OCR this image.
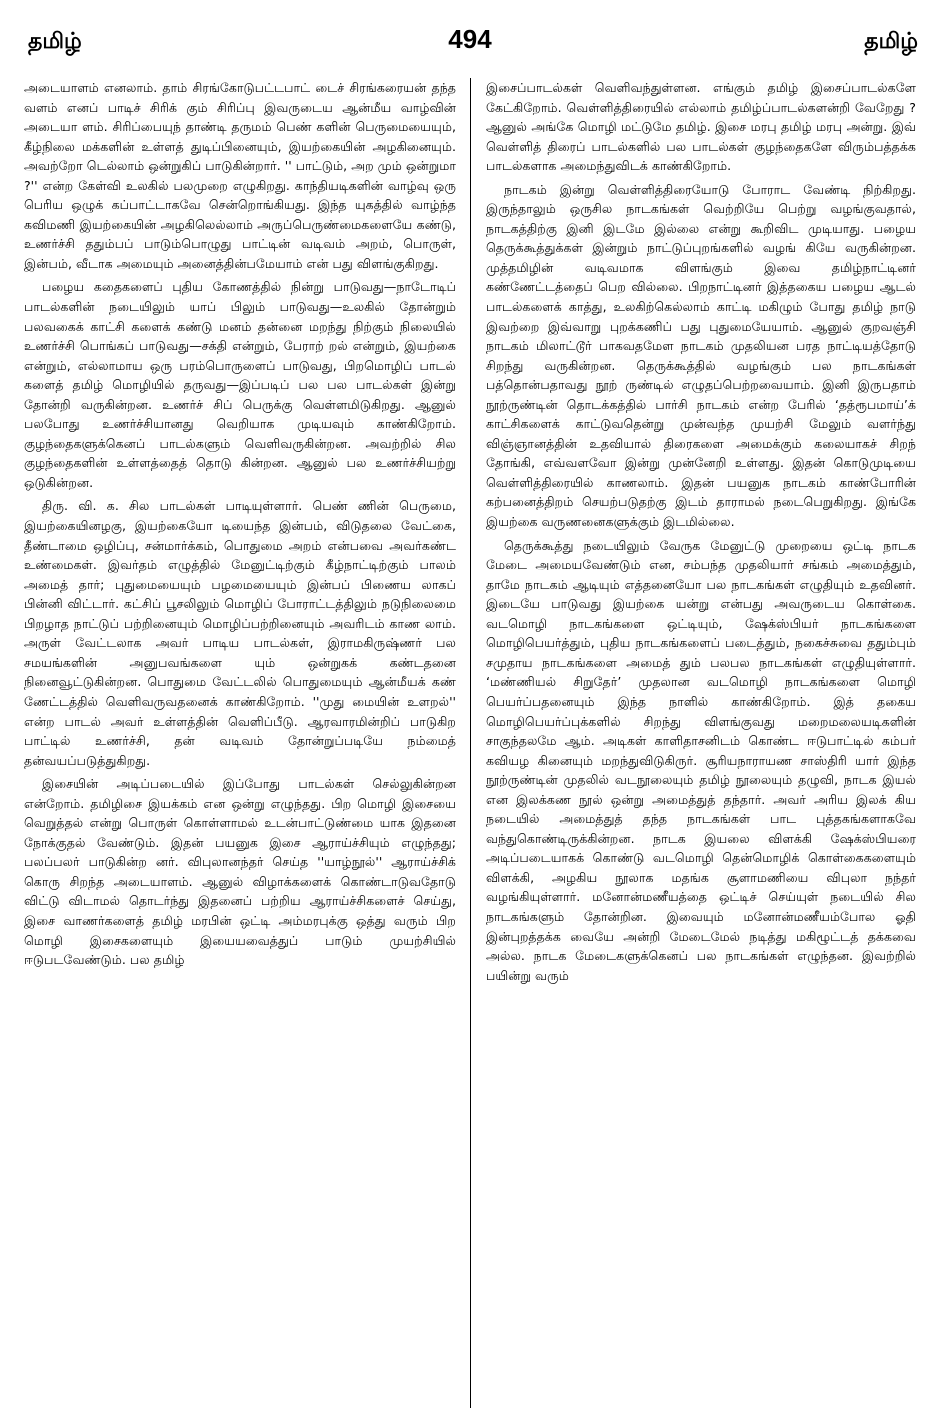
தமிழ்	494	தமிழ்

அடையாளம் எனலாம். தாம் சிரங்கோடுபட்டபாட் டைச் சிரங்கரையன் தந்த வளம் எனப் பாடிச் சிரிக் கும் சிரிப்பு இவருடைய ஆன்மீய வாழ்வின் அடையா ளம். சிரிப்பையுந் தாண்டி தருமம் பெண் களின் பெருமையையும், கீழ்நிலை மக்களின் உள்ளத் துடிப்பினையும், இயற்கையின் அழகினையும். அவற்றோ டெல்லாம் ஒன்றுகிப் பாடுகின்றார். '' பாட்டும், அற மும் ஒன்றுமா ?'' என்ற கேள்வி உலகில் பலமுறை எழுகிறது. காந்தியடிகளின் வாழ்வு ஒரு பெரிய ஒழுக் கப்பாட்டாகவே சென்றொங்கியது. இந்த யுகத்தில் வாழ்ந்த கவிமணி இயற்கையின் அழகிலெல்லாம் அருப்பெருண்மைகளையே கண்டு, உணர்ச்சி ததும்பப் பாடும்பொழுது பாட்டின் வடிவம் அறம், பொருள், இன்பம், வீடாக அமையும் அனைத்தின்பமேயாம் என் பது விளங்குகிறது.

பழைய கதைகளைப் புதிய கோணத்தில் நின்று பாடுவது—நாடோடிப் பாடல்களின் நடையிலும் யாப் பிலும் பாடுவது—உலகில் தோன்றும் பலவகைக் காட்சி களைக் கண்டு மனம் தன்னை மறந்து நிற்கும் நிலையில் உணர்ச்சி பொங்கப் பாடுவது—சக்தி என்றும், பேராற் றல் என்றும், இயற்கை என்றும், எல்லாமாய ஒரு பரம்பொருளைப் பாடுவது, பிறமொழிப் பாடல் களைத் தமிழ் மொழியில் தருவது—இப்படிப் பல பல பாடல்கள் இன்று தோன்றி வருகின்றன. உணர்ச் சிப் பெருக்கு வெள்ளமிடுகிறது. ஆனுல் பலபோது உணர்ச்சியானது வெறியாக முடியவும் காண்கிறோம். குழந்தைகளுக்கெனப் பாடல்களும் வெளிவருகின்றன. அவற்றில் சில குழந்தைகளின் உள்ளத்தைத் தொடு கின்றன. ஆனுல் பல உணர்ச்சியற்று ஒடுகின்றன.

திரு. வி. க. சில பாடல்கள் பாடியுள்ளார். பெண் ணின் பெருமை, இயற்கையினழகு, இயற்கையோ டியைந்த இன்பம், விடுதலை வேட்கை, தீண்டாமை ஒழிப்பு, சன்மார்க்கம், பொதுமை அறம் என்பவை அவர்கண்ட உண்மைகள். இவர்தம் எழுத்தில் மேனுட்டிற்கும் கீழ்நாட்டிற்கும் பாலம் அமைத் தார்; புதுமையையும் பழமையையும் இன்பப் பிணைய லாகப் பின்னி விட்டார். கட்சிப் பூசலிலும் மொழிப் போராட்டத்திலும் நடுநிலைமை பிறழாத நாட்டுப் பற்றினையும் மொழிப்பற்றினையும் அவரிடம் காண லாம். அருள் வேட்டலாக அவர் பாடிய பாடல்கள், இராமகிருஷ்ணர் பல சமயங்களின் அனுபவங்களை யும் ஒன்றுகக் கண்டதனை நினைவூட்டுகின்றன. பொதுமை வேட்டலில் பொதுமையும் ஆன்மீயக் கண் ணேட்டத்தில் வெளிவருவதனைக் காண்கிறோம். ''முது மையின் உளறல்'' என்ற பாடல் அவர் உள்ளத்தின் வெளிப்பீடு. ஆரவாரமின்றிப் பாடுகிற பாட்டில் உணர்ச்சி, தன் வடிவம் தோன்றுப்படியே நம்மைத் தன்வயப்படுத்துகிறது.

இசையின் அடிப்படையில் இப்போது பாடல்கள் செல்லுகின்றன என்றோம். தமிழிசை இயக்கம் என ஒன்று எழுந்தது. பிற மொழி இசையை வெறுத்தல் என்று பொருள் கொள்ளாமல் உடன்பாட்டுண்மை யாக இதனை நோக்குதல் வேண்டும். இதன் பயனுக இசை ஆராய்ச்சியும் எழுந்தது; பலப்பலர் பாடுகின்ற னர். விபுலானந்தர் செய்த ''யாழ்நூல்'' ஆராய்ச்சிக் கொரு சிறந்த அடையாளம். ஆனுல் விழாக்களைக் கொண்டாடுவதோடு விட்டு விடாமல் தொடர்ந்து இதனைப் பற்றிய ஆராய்ச்சிகளைச் செய்து, இசை வாணர்களைத் தமிழ் மரபின் ஒட்டி அம்மரபுக்கு ஒத்து வரும் பிற மொழி இசைகளையும் இயையவைத்துப் பாடும் முயற்சியில் ஈடுபடவேண்டும். பல தமிழ்

இசைப்பாடல்கள் வெளிவந்துள்ளன. எங்கும் தமிழ் இசைப்பாடல்களே கேட்கிறோம். வெள்ளித்திரையில் எல்லாம் தமிழ்ப்பாடல்களன்றி வேறேது ? ஆனுல் அங்கே மொழி மட்டுமே தமிழ். இசை மரபு தமிழ் மரபு அன்று. இவ் வெள்ளித் திரைப் பாடல்களில் பல பாடல்கள் குழந்தைகளே விரும்பத்தக்க பாடல்களாக அமைந்துவிடக் காண்கிறோம்.

நாடகம் இன்று வெள்ளித்திரையோடு போராட வேண்டி நிற்கிறது. இருந்தாலும் ஒருசில நாடகங்கள் வெற்றியே பெற்று வழங்குவதால், நாடகத்திற்கு இனி இடமே இல்லை என்று கூறிவிட முடியாது. பழைய தெருக்கூத்துக்கள் இன்றும் நாட்டுப்புறங்களில் வழங் கியே வருகின்றன. முத்தமிழின் வடிவமாக விளங்கும் இவை தமிழ்நாட்டினர் கண்ணேட்டத்தைப் பெற வில்லை. பிறநாட்டினர் இத்தகைய பழைய ஆடல் பாடல்களைக் காத்து, உலகிற்கெல்லாம் காட்டி மகிழும் போது தமிழ் நாடு இவற்றை இவ்வாறு புறக்கணிப் பது புதுமையேயாம். ஆனுல் குறவஞ்சி நாடகம் மிலாட்டூர் பாகவதமேள நாடகம் முதலியன பரத நாட்டியத்தோடு சிறந்து வருகின்றன. தெருக்கூத்தில் வழங்கும் பல நாடகங்கள் பத்தொன்பதாவது நூற் ருண்டில் எழுதப்பெற்றவையாம். இனி இருபதாம் நூற்ருண்டின் தொடக்கத்தில் பார்சி நாடகம் என்ற பேரில் ‘தத்ரூபமாய்’க் காட்சிகளைக் காட்டுவதென்று முன்வந்த முயற்சி மேலும் வளர்ந்து விஞ்ஞானத்தின் உதவியால் திரைகளை அமைக்கும் கலையாகச் சிறந் தோங்கி, எவ்வளவோ இன்று முன்னேறி உள்ளது. இதன் கொடுமுடியை வெள்ளித்திரையில் காணலாம். இதன் பயனுக நாடகம் காண்போரின் கற்பனைத்திறம் செயற்படுதற்கு இடம் தாராமல் நடைபெறுகிறது. இங்கே இயற்கை வருணனைகளுக்கும் இடமில்லை.

தெருக்கூத்து நடையிலும் வேருக மேனுட்டு முறையை ஒட்டி நாடக மேடை அமையவேண்டும் என, சம்பந்த முதலியார் சங்கம் அமைத்தும், தாமே நாடகம் ஆடியும் எத்தனையோ பல நாடகங்கள் எழுதியும் உதவினர். இடையே பாடுவது இயற்கை யன்று என்பது அவருடைய கொள்கை. வடமொழி நாடகங்களை ஒட்டியும், ஷேக்ஸ்பியர் நாடகங்களை மொழிபெயர்த்தும், புதிய நாடகங்களைப் படைத்தும், நகைச்சுவை ததும்பும் சமுதாய நாடகங்களை அமைத் தும் பலபல நாடகங்கள் எழுதியுள்ளார். ‘மண்ணியல் சிறுதேர்’ முதலான வடமொழி நாடகங்களை மொழி பெயர்ப்பதனையும் இந்த நாளில் காண்கிறோம். இத் தகைய மொழிபெயர்ப்புக்களில் சிறந்து விளங்குவது மறைமலையடிகளின் சாகுந்தலமே ஆம். அடிகள் காளிதாசனிடம் கொண்ட ஈடுபாட்டில் கம்பர் கவியழ கினையும் மறந்துவிடுகிருர். சூரியநாராயண சாஸ்திரி யார் இந்த நூற்ருண்டின் முதலில் வடநூலையும் தமிழ் நூலையும் தழுவி, நாடக இயல் என இலக்கண நூல் ஒன்று அமைத்துத் தந்தார். அவர் அரிய இலக் கிய நடையில் அமைத்துத் தந்த நாடகங்கள் பாட புத்தகங்களாகவே வந்துகொண்டிருக்கின்றன. நாடக இயலை விளக்கி ஷேக்ஸ்பியரை அடிப்படையாகக் கொண்டு வடமொழி தென்மொழிக் கொள்கைகளையும் விளக்கி, அழகிய நூலாக மதங்க சூளாமணியை விபுலா நந்தர் வழங்கியுள்ளார். மனோன்மணீயத்தை ஒட்டிச் செய்யுள் நடையில் சில நாடகங்களும் தோன்றின. இவையும் மனோன்மணீயம்போல ஓதி இன்புறத்தக்க வையே அன்றி மேடைமேல் நடித்து மகிழூட்டத் தக்கவை அல்ல. நாடக மேடைகளுக்கெனப் பல நாடகங்கள் எழுந்தன. இவற்றில் பயின்று வரும்
